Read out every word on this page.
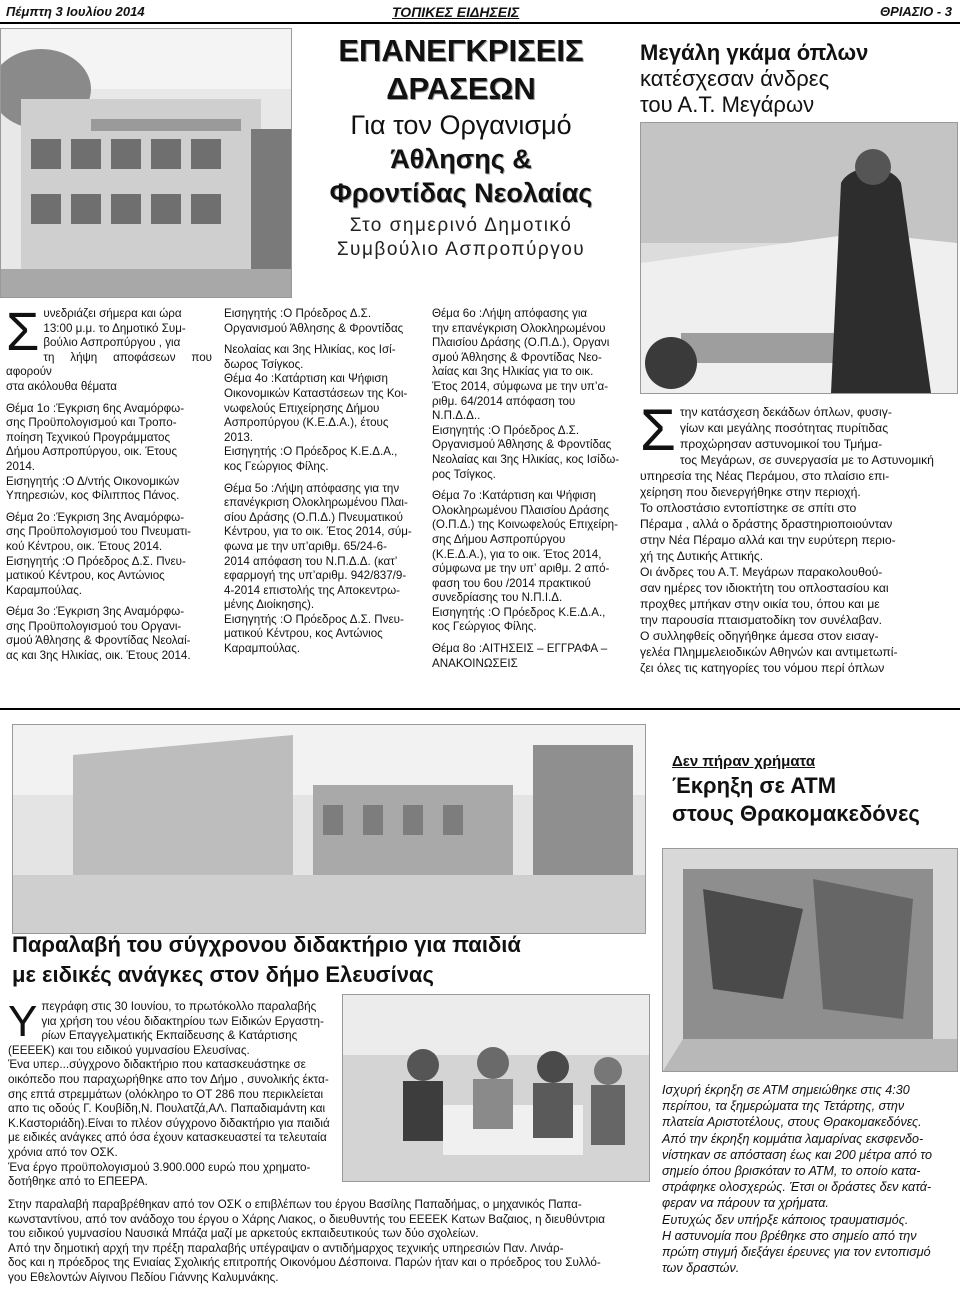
Πέμπτη 3 Ιουλίου 2014	ΤΟΠΙΚΕΣ ΕΙΔΗΣΕΙΣ	ΘΡΙΑΣΙΟ - 3
ΕΠΑΝΕΓΚΡΙΣΕΙΣ
ΔΡΑΣΕΩΝ
Για τον Οργανισμό
Άθλησης &
Φροντίδας Νεολαίας
Στο σημερινό Δημοτικό
Συμβούλιο Ασπροπύργου
Σ υνεδριάζει σήμερα και ώρα
13:00 μ.μ. το Δημοτικό Συμ-
βούλιο Ασπροπύργου , για
τη λήψη αποφάσεων που αφορούν
στα ακόλουθα θέματα
Θέμα 1ο :Έγκριση 6ης Αναμόρφω-
σης Προϋπολογισμού και Τροπο-
ποίηση Τεχνικού Προγράμματος
Δήμου Ασπροπύργου, οικ. Έτους
2014.
Εισηγητής :Ο Δ/ντής Οικονομικών
Υπηρεσιών, κος Φίλιππος Πάνος.
Θέμα 2ο :Έγκριση 3ης Αναμόρφω-
σης Προϋπολογισμού του Πνευματι-
κού Κέντρου, οικ. Έτους 2014.
Εισηγητής :Ο Πρόεδρος Δ.Σ. Πνευ-
ματικού Κέντρου, κος Αντώνιος
Καραμπούλας.
Θέμα 3ο :Έγκριση 3ης Αναμόρφω-
σης Προϋπολογισμού του Οργανι-
σμού Άθλησης & Φροντίδας Νεολαί-
ας και 3ης Ηλικίας, οικ. Έτους 2014.
Εισηγητής :Ο Πρόεδρος Δ.Σ.
Οργανισμού Άθλησης & Φροντίδας
Νεολαίας και 3ης Ηλικίας, κος Ισί-
δωρος Τσίγκος.
Θέμα 4ο :Κατάρτιση και Ψήφιση
Οικονομικών Καταστάσεων της Κοι-
νωφελούς Επιχείρησης Δήμου
Ασπροπύργου (Κ.Ε.Δ.Α.), έτους
2013.
Εισηγητής :Ο Πρόεδρος Κ.Ε.Δ.Α.,
κος Γεώργιος Φίλης.
Θέμα 5ο :Λήψη απόφασης για την
επανέγκριση Ολοκληρωμένου Πλαι-
σίου Δράσης (Ο.Π.Δ.) Πνευματικού
Κέντρου, για το οικ. Έτος 2014, σύμ-
φωνα με την υπ’αριθμ. 65/24-6-
2014 απόφαση του Ν.Π.Δ.Δ. (κατ’
εφαρμογή της υπ’αριθμ. 942/837/9-
4-2014 επιστολής της Αποκεντρω-
μένης Διοίκησης).
Εισηγητής :Ο Πρόεδρος Δ.Σ. Πνευ-
ματικού Κέντρου, κος Αντώνιος
Καραμπούλας.
Θέμα 6ο :Λήψη απόφασης για
την επανέγκριση Ολοκληρωμένου
Πλαισίου Δράσης (Ο.Π.Δ.), Οργανι
σμού Άθλησης & Φροντίδας Νεο-
λαίας και 3ης Ηλικίας για το οικ.
Έτος 2014, σύμφωνα με την υπ’α-
ριθμ. 64/2014 απόφαση του
Ν.Π.Δ.Δ..
Εισηγητής :Ο Πρόεδρος Δ.Σ.
Οργανισμού Άθλησης & Φροντίδας
Νεολαίας και 3ης Ηλικίας, κος Ισίδω-
ρος Τσίγκος.
Θέμα 7ο :Κατάρτιση και Ψήφιση
Ολοκληρωμένου Πλαισίου Δράσης
(Ο.Π.Δ.) της Κοινωφελούς Επιχείρη-
σης Δήμου Ασπροπύργου
(Κ.Ε.Δ.Α.), για το οικ. Έτος 2014,
σύμφωνα με την υπ’ αριθμ. 2 από-
φαση του 6ου /2014 πρακτικού
συνεδρίασης του Ν.Π.Ι.Δ.
Εισηγητής :Ο Πρόεδρος Κ.Ε.Δ.Α.,
κος Γεώργιος Φίλης.
Θέμα 8ο :ΑΙΤΗΣΕΙΣ – ΕΓΓΡΑΦΑ –
ΑΝΑΚΟΙΝΩΣΕΙΣ
Μεγάλη γκάμα όπλων
κατέσχεσαν άνδρες
του Α.Τ. Μεγάρων
Σ την κατάσχεση δεκάδων όπλων, φυσιγ-
γίων και μεγάλης ποσότητας πυρίτιδας
προχώρησαν αστυνομικοί του Τμήμα-
τος Μεγάρων, σε συνεργασία με το Αστυνομική
υπηρεσία της Νέας Περάμου, στο πλαίσιο επι-
χείρηση που διενεργήθηκε στην περιοχή.
Το οπλοστάσιο εντοπίστηκε σε σπίτι στο
Πέραμα , αλλά ο δράστης δραστηριοποιούνταν
στην Νέα Πέραμο αλλά και την ευρύτερη περιο-
χή της Δυτικής Αττικής.
Οι άνδρες του Α.Τ. Μεγάρων παρακολουθού-
σαν ημέρες τον ιδιοκτήτη του οπλοστασίου και
προχθες μπήκαν στην οικία του, όπου και με
την παρουσία πταισματοδίκη τον συνέλαβαν.
Ο συλληφθείς οδηγήθηκε άμεσα στον εισαγ-
γελέα Πλημμελειοδικών Αθηνών και αντιμετωπί-
ζει όλες τις κατηγορίες του νόμου περί όπλων
Δεν πήραν χρήματα
Έκρηξη σε ΑΤΜ
στους Θρακομακεδόνες
Ισχυρή έκρηξη σε ΑΤΜ σημειώθηκε στις 4:30
περίπου, τα ξημερώματα της Τετάρτης, στην
πλατεία Αριστοτέλους, στους Θρακομακεδόνες.
Από την έκρηξη κομμάτια λαμαρίνας εκσφενδο-
νίστηκαν σε απόσταση έως και 200 μέτρα από το
σημείο όπου βρισκόταν το ΑΤΜ, το οποίο κατα-
στράφηκε ολοσχερώς. Έτσι οι δράστες δεν κατά-
φεραν να πάρουν τα χρήματα.
Ευτυχώς δεν υπήρξε κάποιος τραυματισμός.
Η αστυνομία που βρέθηκε στο σημείο από την
πρώτη στιγμή διεξάγει έρευνες για τον εντοπισμό
των δραστών.
Παραλαβή του σύγχρονου διδακτήριο για παιδιά
με ειδικές ανάγκες στον δήμο Ελευσίνας
Υ πεγράφη στις 30 Ιουνίου, το πρωτόκολλο παραλαβής
για χρήση του νέου διδακτηρίου των Ειδικών Εργαστη-
ρίων Επαγγελματικής Εκπαίδευσης & Κατάρτισης
(ΕΕΕΕΚ) και του ειδικού γυμνασίου Ελευσίνας.
Ένα υπερ...σύγχρονο διδακτήριο που κατασκευάστηκε σε
οικόπεδο που παραχωρήθηκε απο τον Δήμο , συνολικής έκτα-
σης επτά στρεμμάτων (ολόκληρο το ΟΤ 286 που περικλείεται
απο τις οδούς Γ. Κουβίδη,Ν. Πουλατζά,ΑΛ. Παπαδιαμάντη και
Κ.Καστοριάδη).Είναι το πλέον σύγχρονο διδακτήριο για παιδιά
με ειδικές ανάγκες από όσα έχουν κατασκευαστεί τα τελευταία
χρόνια από τον ΟΣΚ.
Ένα έργο προϋπολογισμού 3.900.000 ευρώ που χρηματο-
δοτήθηκε από το ΕΠΕΕΡΑ.
Στην παραλαβή παραβρέθηκαν από τον ΟΣΚ ο επιβλέπων του έργου Βασίλης Παπαδήμας, ο μηχανικός Παπα-
κωνσταντίνου, από τον ανάδοχο του έργου ο Χάρης Λιακος, ο διευθυντής του ΕΕΕΕΚ Κατων Βαζαιος, η διευθύντρια
του ειδικού γυμνασίου Ναυσικά Μπάζα μαζί με αρκετούς εκπαιδευτικούς των δύο σχολείων.
Από την δημοτική αρχή την πρέξη παραλαβής υπέγραψαν ο αντιδήμαρχος τεχνικής υπηρεσιών Παν. Λινάρ-
δος και η πρόεδρος της Ενιαίας Σχολικής επιτροπής Οικονόμου Δέσποινα. Παρών ήταν και ο πρόεδρος του Συλλό-
γου Εθελοντών Αίγινου Πεδίου Γιάννης Καλυμνάκης.
